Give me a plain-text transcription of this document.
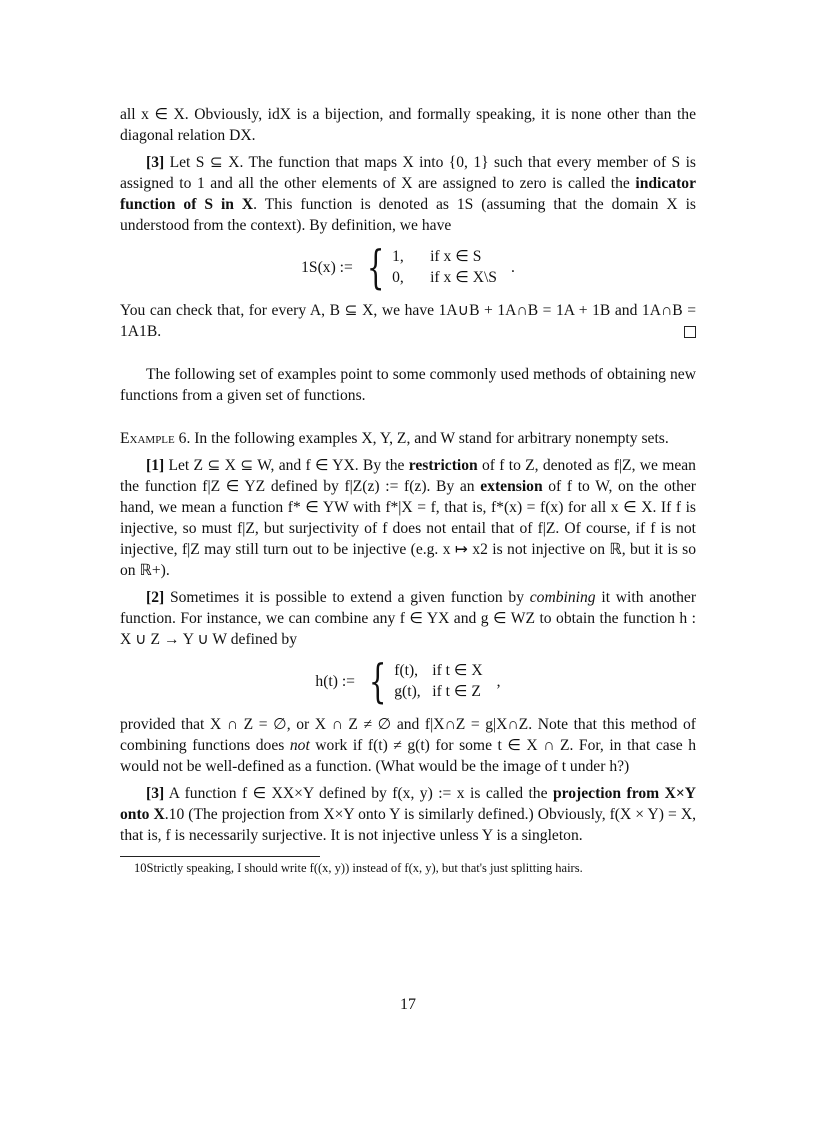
all x ∈ X. Obviously, idX is a bijection, and formally speaking, it is none other than the diagonal relation DX.

[3] Let S ⊆ X. The function that maps X into {0, 1} such that every member of S is assigned to 1 and all the other elements of X are assigned to zero is called the indicator function of S in X. This function is denoted as 1S (assuming that the domain X is understood from the context). By definition, we have

1S(x) := { 1,	if x ∈ S
0,	if x ∈ X\S
.

You can check that, for every A, B ⊆ X, we have 1A∪B + 1A∩B = 1A + 1B and 1A∩B = 1A1B.

The following set of examples point to some commonly used methods of obtaining new functions from a given set of functions.

Example 6. In the following examples X, Y, Z, and W stand for arbitrary nonempty sets.

[1] Let Z ⊆ X ⊆ W, and f ∈ YX. By the restriction of f to Z, denoted as f|Z, we mean the function f|Z ∈ YZ defined by f|Z(z) := f(z). By an extension of f to W, on the other hand, we mean a function f* ∈ YW with f*|X = f, that is, f*(x) = f(x) for all x ∈ X. If f is injective, so must f|Z, but surjectivity of f does not entail that of f|Z. Of course, if f is not injective, f|Z may still turn out to be injective (e.g. x ↦ x2 is not injective on ℝ, but it is so on ℝ+).

[2] Sometimes it is possible to extend a given function by combining it with another function. For instance, we can combine any f ∈ YX and g ∈ WZ to obtain the function h : X ∪ Z → Y ∪ W defined by

h(t) := { f(t), if t ∈ X
g(t), if t ∈ Z
,

provided that X ∩ Z = ∅, or X ∩ Z ≠ ∅ and f|X∩Z = g|X∩Z. Note that this method of combining functions does not work if f(t) ≠ g(t) for some t ∈ X ∩ Z. For, in that case h would not be well-defined as a function. (What would be the image of t under h?)

[3] A function f ∈ XX×Y defined by f(x, y) := x is called the projection from X×Y onto X.10 (The projection from X×Y onto Y is similarly defined.) Obviously, f(X × Y) = X, that is, f is necessarily surjective. It is not injective unless Y is a singleton.

10Strictly speaking, I should write f((x, y)) instead of f(x, y), but that's just splitting hairs.

17
